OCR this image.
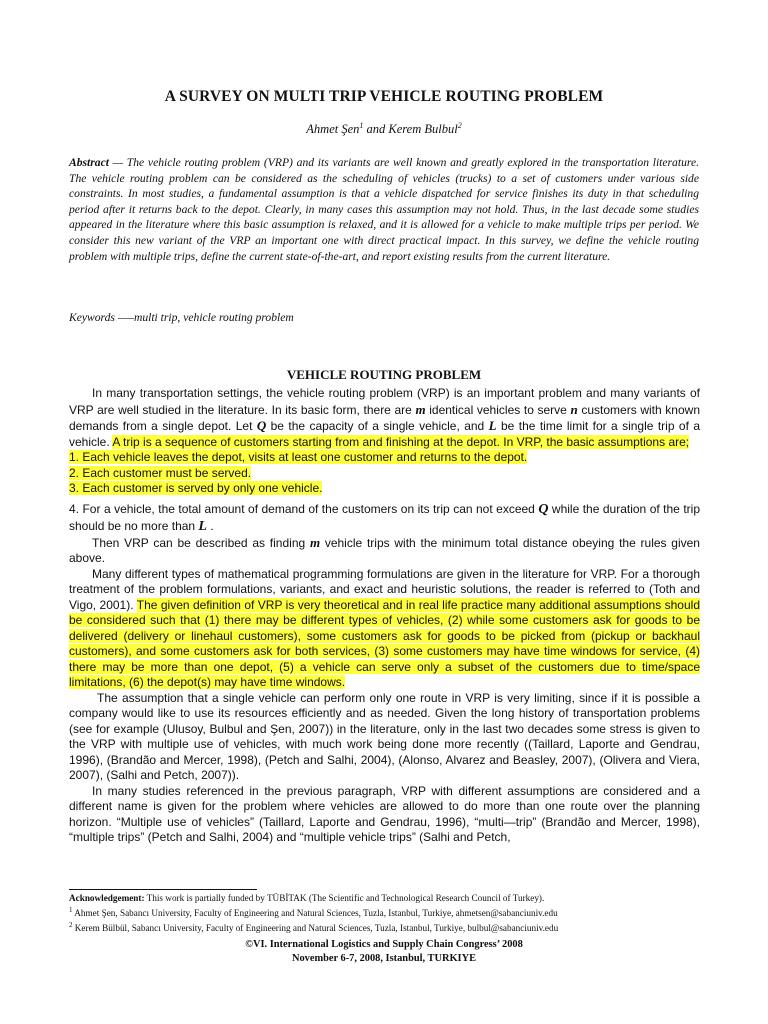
A SURVEY ON MULTI TRIP VEHICLE ROUTING PROBLEM
Ahmet Şen$^1$ and Kerem Bulbul$^2$
Abstract — The vehicle routing problem (VRP) and its variants are well known and greatly explored in the transportation literature. The vehicle routing problem can be considered as the scheduling of vehicles (trucks) to a set of customers under various side constraints. In most studies, a fundamental assumption is that a vehicle dispatched for service finishes its duty in that scheduling period after it returns back to the depot. Clearly, in many cases this assumption may not hold. Thus, in the last decade some studies appeared in the literature where this basic assumption is relaxed, and it is allowed for a vehicle to make multiple trips per period. We consider this new variant of the VRP an important one with direct practical impact. In this survey, we define the vehicle routing problem with multiple trips, define the current state-of-the-art, and report existing results from the current literature.
Keywords —–multi trip, vehicle routing problem
VEHICLE ROUTING PROBLEM

In many transportation settings, the vehicle routing problem (VRP) is an important problem and many variants of VRP are well studied in the literature. In its basic form, there are m identical vehicles to serve n customers with known demands from a single depot. Let Q be the capacity of a single vehicle, and L be the time limit for a single trip of a vehicle. A trip is a sequence of customers starting from and finishing at the depot. In VRP, the basic assumptions are;

1. Each vehicle leaves the depot, visits at least one customer and returns to the depot.

2. Each customer must be served.

3. Each customer is served by only one vehicle.

4. For a vehicle, the total amount of demand of the customers on its trip can not exceed Q while the duration of the trip should be no more than L .

Then VRP can be described as finding m vehicle trips with the minimum total distance obeying the rules given above.

Many different types of mathematical programming formulations are given in the literature for VRP. For a thorough treatment of the problem formulations, variants, and exact and heuristic solutions, the reader is referred to (Toth and Vigo, 2001). The given definition of VRP is very theoretical and in real life practice many additional assumptions should be considered such that (1) there may be different types of vehicles, (2) while some customers ask for goods to be delivered (delivery or linehaul customers), some customers ask for goods to be picked from (pickup or backhaul customers), and some customers ask for both services, (3) some customers may have time windows for service, (4) there may be more than one depot, (5) a vehicle can serve only a subset of the customers due to time/space limitations, (6) the depot(s) may have time windows.

The assumption that a single vehicle can perform only one route in VRP is very limiting, since if it is possible a company would like to use its resources efficiently and as needed. Given the long history of transportation problems (see for example (Ulusoy, Bulbul and Şen, 2007)) in the literature, only in the last two decades some stress is given to the VRP with multiple use of vehicles, with much work being done more recently ((Taillard, Laporte and Gendrau, 1996), (Brandão and Mercer, 1998), (Petch and Salhi, 2004), (Alonso, Alvarez and Beasley, 2007), (Olivera and Viera, 2007), (Salhi and Petch, 2007)).

In many studies referenced in the previous paragraph, VRP with different assumptions are considered and a different name is given for the problem where vehicles are allowed to do more than one route over the planning horizon. “Multiple use of vehicles” (Taillard, Laporte and Gendrau, 1996), “multi—trip” (Brandão and Mercer, 1998), “multiple trips” (Petch and Salhi, 2004) and “multiple vehicle trips” (Salhi and Petch,

Acknowledgement: This work is partially funded by TÜBİTAK (The Scientific and Technological Research Council of Turkey).

$^1$ Ahmet Şen, Sabancı University, Faculty of Engineering and Natural Sciences, Tuzla, Istanbul, Turkiye, ahmetsen@sabanciuniv.edu

$^2$ Kerem Bülbül, Sabancı University, Faculty of Engineering and Natural Sciences, Tuzla, Istanbul, Turkiye, bulbul@sabanciuniv.edu

©VI. International Logistics and Supply Chain Congress’ 2008
November 6-7, 2008, Istanbul, TURKIYE
